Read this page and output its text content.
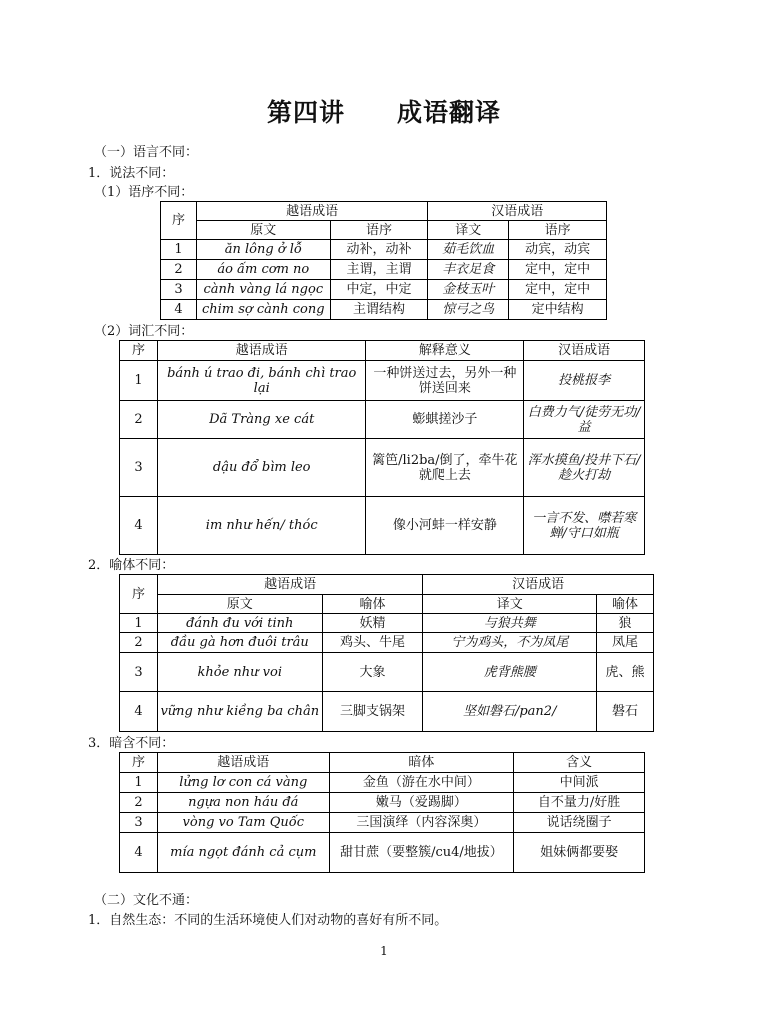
第四讲　　成语翻译
（一）语言不同：
1．说法不同：
（1）语序不同：
序	越语成语		汉语成语	
	原文	语序	译文	语序
1	ăn lông ở lỗ	动补，动补	茹毛饮血	动宾，动宾
2	áo ấm cơm no	主谓，主谓	丰衣足食	定中，定中
3	cành vàng lá ngọc	中定，中定	金枝玉叶	定中，定中
4	chim sợ cành cong	主谓结构	惊弓之鸟	定中结构
（2）词汇不同：
序	越语成语	解释意义	汉语成语
1	bánh ú trao đi, bánh chì trao lại	一种饼送过去，另外一种饼送回来	投桃报李
2	Dã Tràng xe cát	蟛蜞搓沙子	白费力气/徒劳无功/益
3	dậu đổ bìm leo	篱笆/li2ba/倒了，牵牛花就爬上去	浑水摸鱼/投井下石/趁火打劫
4	im như hến/ thóc	像小河蚌一样安静	一言不发、噤若寒蝉/守口如瓶
2．喻体不同：
序	越语成语		汉语成语	
	原文	喻体	译文	喻体
1	đánh đu với tinh	妖精	与狼共舞	狼
2	đầu gà hơn đuôi trâu	鸡头、牛尾	宁为鸡头，不为凤尾	凤尾
3	khỏe như voi	大象	虎背熊腰	虎、熊
4	vững như kiềng ba chân	三脚支锅架	坚如磐石/pan2/	磐石
3．暗含不同：
序	越语成语	暗体	含义
1	lửng lơ con cá vàng	金鱼（游在水中间）	中间派
2	ngựa non háu đá	嫩马（爱踢脚）	自不量力/好胜
3	vòng vo Tam Quốc	三国演绎（内容深奥）	说话绕圈子
4	mía ngọt đánh cả cụm	甜甘蔗（要整簇/cu4/地拔）	姐妹俩都要娶
（二）文化不通：
1．自然生态：不同的生活环境使人们对动物的喜好有所不同。
1
